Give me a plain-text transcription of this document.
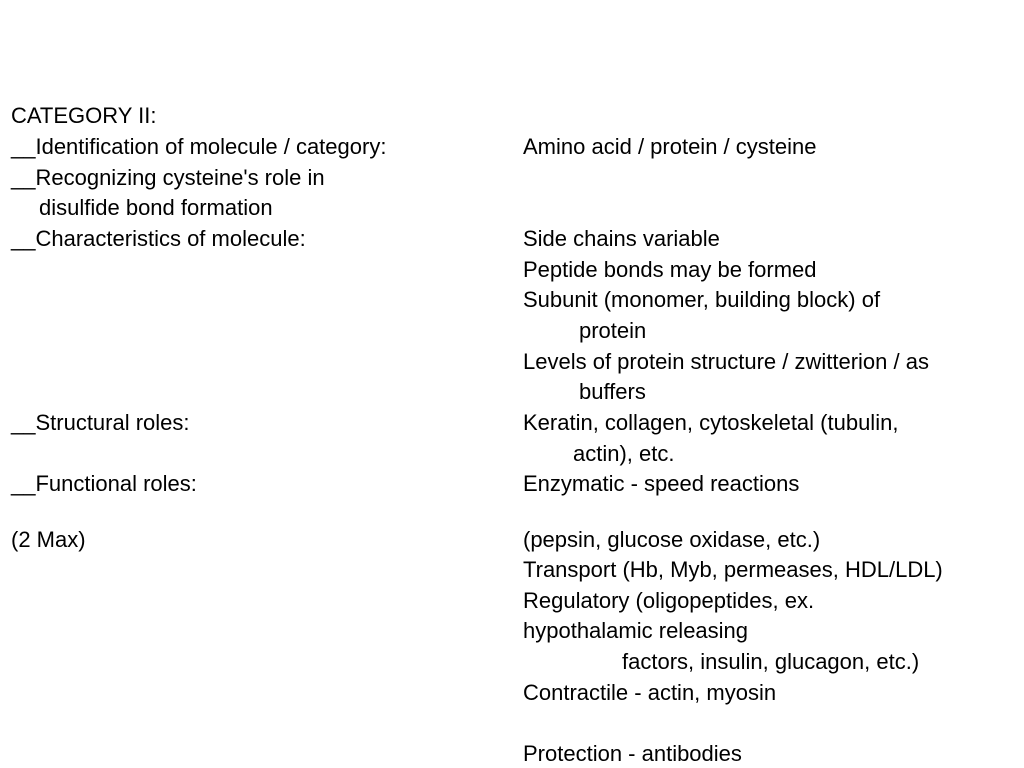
CATEGORY II:
__Identification of molecule / category:	Amino acid / protein / cysteine
__Recognizing cysteine's role in
disulfide bond formation
__Characteristics of molecule:	Side chains variable
Peptide bonds may be formed
Subunit (monomer, building block) of
protein
Levels of protein structure / zwitterion / as
buffers
__Structural roles:	Keratin, collagen, cytoskeletal (tubulin,
actin), etc.
__Functional roles:	Enzymatic - speed reactions
(2 Max)	(pepsin, glucose oxidase, etc.)
Transport (Hb, Myb, permeases, HDL/LDL)
Regulatory (oligopeptides, ex.
hypothalamic releasing
factors, insulin, glucagon, etc.)
Contractile - actin, myosin
Protection - antibodies
